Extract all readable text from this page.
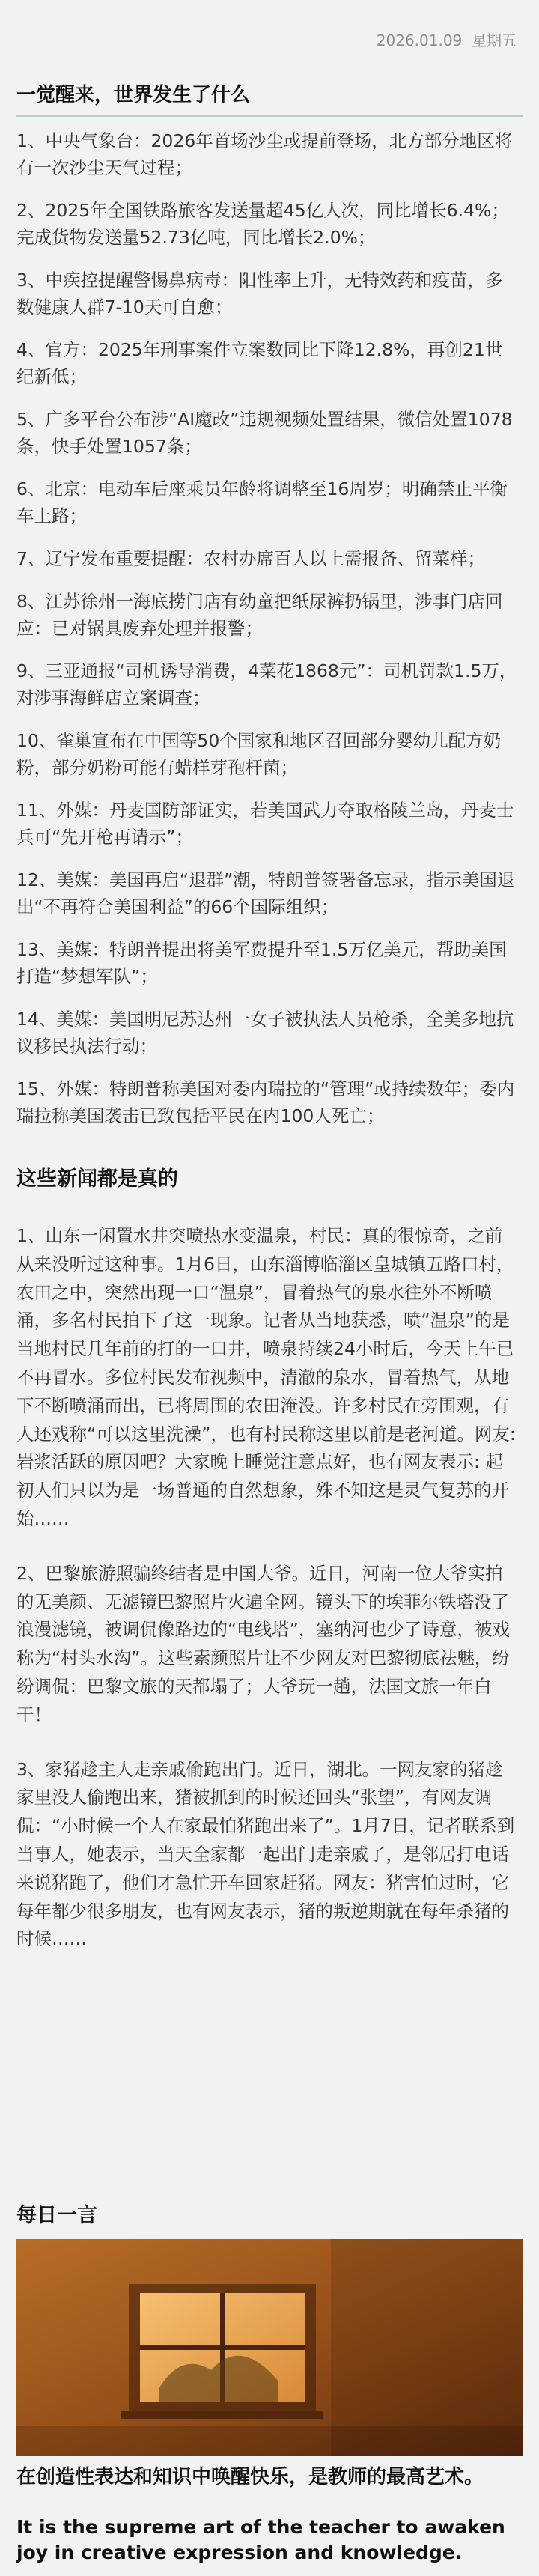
2026.01.09 星期五
一觉醒来，世界发生了什么

1、中央气象台：2026年首场沙尘或提前登场，北方部分地区将有一次沙尘天气过程；

2、2025年全国铁路旅客发送量超45亿人次，同比增长6.4%；完成货物发送量52.73亿吨，同比增长2.0%；

3、中疾控提醒警惕鼻病毒：阳性率上升，无特效药和疫苗，多数健康人群7-10天可自愈；

4、官方：2025年刑事案件立案数同比下降12.8%，再创21世纪新低；

5、广多平台公布涉“AI魔改”违规视频处置结果，微信处置1078条，快手处置1057条；

6、北京：电动车后座乘员年龄将调整至16周岁；明确禁止平衡车上路；

7、辽宁发布重要提醒：农村办席百人以上需报备、留菜样；

8、江苏徐州一海底捞门店有幼童把纸尿裤扔锅里，涉事门店回应：已对锅具废弃处理并报警；

9、三亚通报“司机诱导消费，4菜花1868元”：司机罚款1.5万，对涉事海鲜店立案调查；

10、雀巢宣布在中国等50个国家和地区召回部分婴幼儿配方奶粉，部分奶粉可能有蜡样芽孢杆菌；

11、外媒：丹麦国防部证实，若美国武力夺取格陵兰岛，丹麦士兵可“先开枪再请示”；

12、美媒：美国再启“退群”潮，特朗普签署备忘录，指示美国退出“不再符合美国利益”的66个国际组织；

13、美媒：特朗普提出将美军费提升至1.5万亿美元，帮助美国打造“梦想军队”；

14、美媒：美国明尼苏达州一女子被执法人员枪杀，全美多地抗议移民执法行动；

15、外媒：特朗普称美国对委内瑞拉的“管理”或持续数年；委内瑞拉称美国袭击已致包括平民在内100人死亡；

这些新闻都是真的

1、山东一闲置水井突喷热水变温泉，村民：真的很惊奇，之前从来没听过这种事。1月6日，山东淄博临淄区皇城镇五路口村，农田之中，突然出现一口“温泉”，冒着热气的泉水往外不断喷涌，多名村民拍下了这一现象。记者从当地获悉，喷“温泉”的是当地村民几年前的打的一口井，喷泉持续24小时后，今天上午已不再冒水。多位村民发布视频中，清澈的泉水，冒着热气，从地下不断喷涌而出，已将周围的农田淹没。许多村民在旁围观，有人还戏称“可以这里洗澡”，也有村民称这里以前是老河道。网友:岩浆活跃的原因吧？大家晚上睡觉注意点好，也有网友表示: 起初人们只以为是一场普通的自然想象，殊不知这是灵气复苏的开始……

2、巴黎旅游照骗终结者是中国大爷。近日，河南一位大爷实拍的无美颜、无滤镜巴黎照片火遍全网。镜头下的埃菲尔铁塔没了浪漫滤镜，被调侃像路边的“电线塔”，塞纳河也少了诗意，被戏称为“村头水沟”。这些素颜照片让不少网友对巴黎彻底祛魅，纷纷调侃：巴黎文旅的天都塌了；大爷玩一趟，法国文旅一年白干！

3、家猪趁主人走亲戚偷跑出门。近日，湖北。一网友家的猪趁家里没人偷跑出来，猪被抓到的时候还回头“张望”，有网友调侃：“小时候一个人在家最怕猪跑出来了”。1月7日，记者联系到当事人，她表示，当天全家都一起出门走亲戚了，是邻居打电话来说猪跑了，他们才急忙开车回家赶猪。网友：猪害怕过时，它每年都少很多朋友，也有网友表示，猪的叛逆期就在每年杀猪的时候……

每日一言

在创造性表达和知识中唤醒快乐，是教师的最高艺术。

It is the supreme art of the teacher to awaken joy in creative expression and knowledge.
